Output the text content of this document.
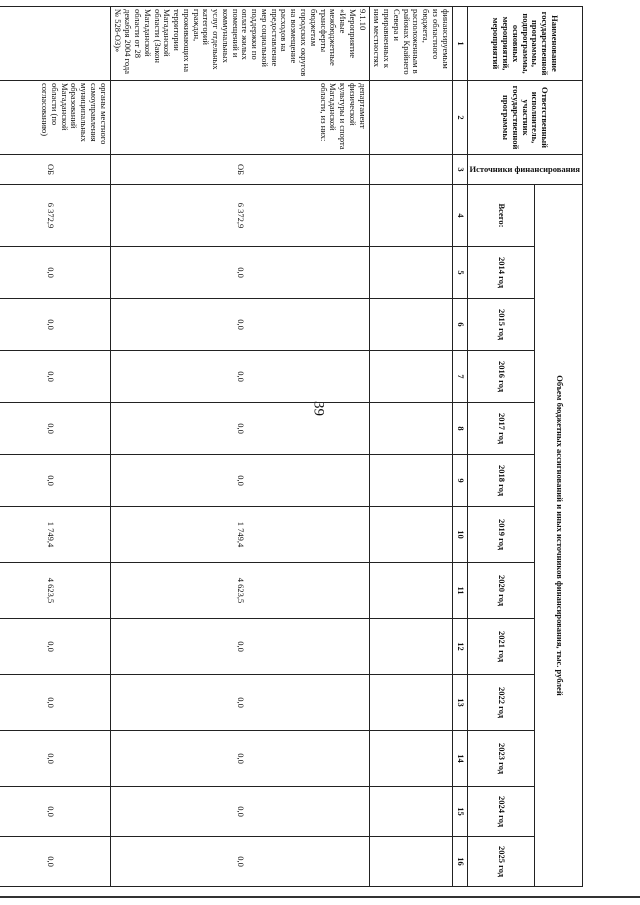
39
Наименование государственной программы, подпрограммы, основных мероприятий, мероприятий	Ответственный исполнитель, участник государственной программы	Источники финансирования	Объем бюджетных ассигнований и иных источников финансирования, тыс. рублей												
			Всего:	2014 год	2015 год	2016 год	2017 год	2018 год	2019 год	2020 год	2021 год	2022 год	2023 год	2024 год	2025 год
1	2	3	4	5	6	7	8	9	10	11	12	13	14	15	16
финансируемым из областного бюджета, расположенным в районах Крайнего Севера и приравненных к ним местностях															
9.1.10 Мероприятие «Иные межбюджетные трансферты бюджетам городских округов на возмещение расходов на предоставление мер социальной поддержки по оплате жилых помещений и коммунальных услуг отдельных категорий граждан, проживающих на территории Магаданской области (Закон Магаданской области от 28 декабря 2004 года № 528-ОЗ)»	департамент физической культуры и спорта Магаданской области, из них:	ОБ	6 372,9	0,0	0,0	0,0	0,0	0,0	1 749,4	4 623,5	0,0	0,0	0,0	0,0	0,0
	органы местного самоуправления муниципальных образований Магаданской области (по согласованию)	ОБ	6 372,9	0,0	0,0	0,0	0,0	0,0	1 749,4	4 623,5	0,0	0,0	0,0	0,0	0,0
